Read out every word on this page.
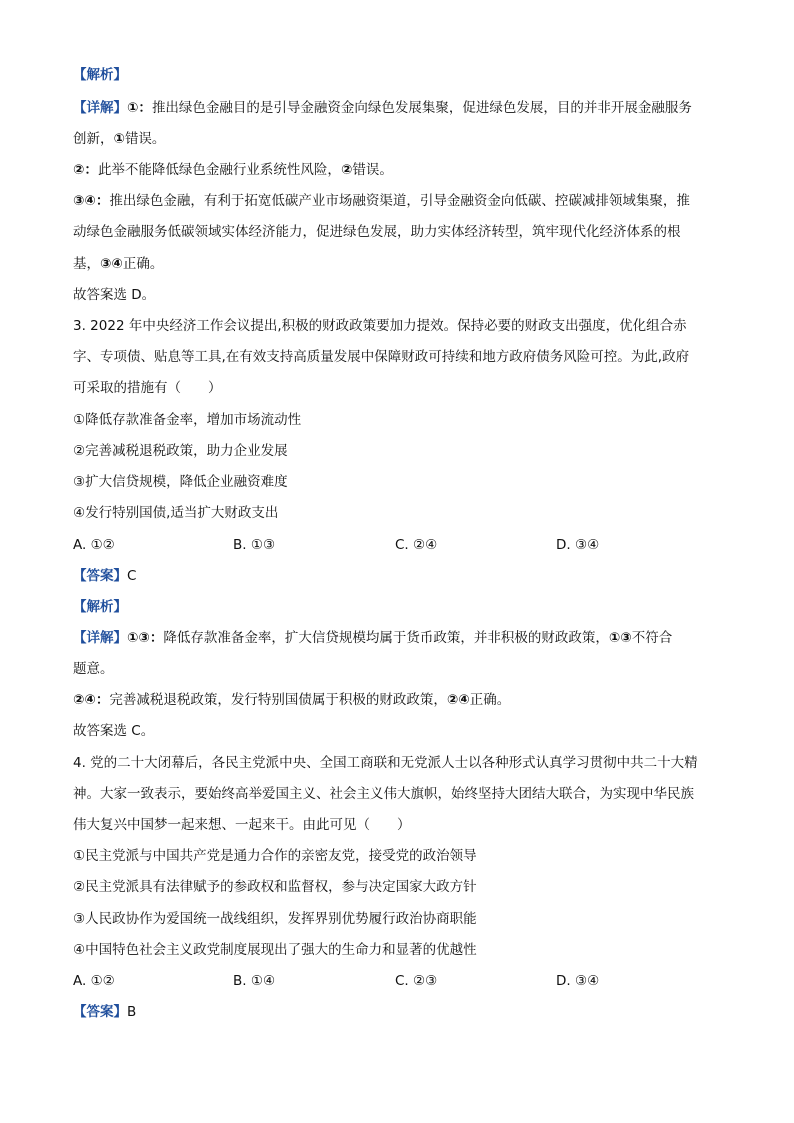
【解析】
【详解】①：推出绿色金融目的是引导金融资金向绿色发展集聚，促进绿色发展，目的并非开展金融服务
创新，①错误。
②：此举不能降低绿色金融行业系统性风险，②错误。
③④：推出绿色金融，有利于拓宽低碳产业市场融资渠道，引导金融资金向低碳、控碳减排领域集聚，推
动绿色金融服务低碳领域实体经济能力，促进绿色发展，助力实体经济转型，筑牢现代化经济体系的根
基，③④正确。
故答案选 D。
3. 2022 年中央经济工作会议提出,积极的财政政策要加力提效。保持必要的财政支出强度，优化组合赤
字、专项债、贴息等工具,在有效支持高质量发展中保障财政可持续和地方政府债务风险可控。为此,政府
可采取的措施有（　　）
①降低存款准备金率，增加市场流动性
②完善减税退税政策，助力企业发展
③扩大信贷规模，降低企业融资难度
④发行特别国债,适当扩大财政支出
A. ①②	B. ①③	C. ②④	D. ③④
【答案】C
【解析】
【详解】①③：降低存款准备金率，扩大信贷规模均属于货币政策，并非积极的财政政策，①③不符合
题意。
②④：完善减税退税政策，发行特别国债属于积极的财政政策，②④正确。
故答案选 C。
4. 党的二十大闭幕后，各民主党派中央、全国工商联和无党派人士以各种形式认真学习贯彻中共二十大精
神。大家一致表示，要始终高举爱国主义、社会主义伟大旗帜，始终坚持大团结大联合，为实现中华民族
伟大复兴中国梦一起来想、一起来干。由此可见（　　）
①民主党派与中国共产党是通力合作的亲密友党，接受党的政治领导
②民主党派具有法律赋予的参政权和监督权，参与决定国家大政方针
③人民政协作为爱国统一战线组织，发挥界别优势履行政治协商职能
④中国特色社会主义政党制度展现出了强大的生命力和显著的优越性
A. ①②	B. ①④	C. ②③	D. ③④
【答案】B
